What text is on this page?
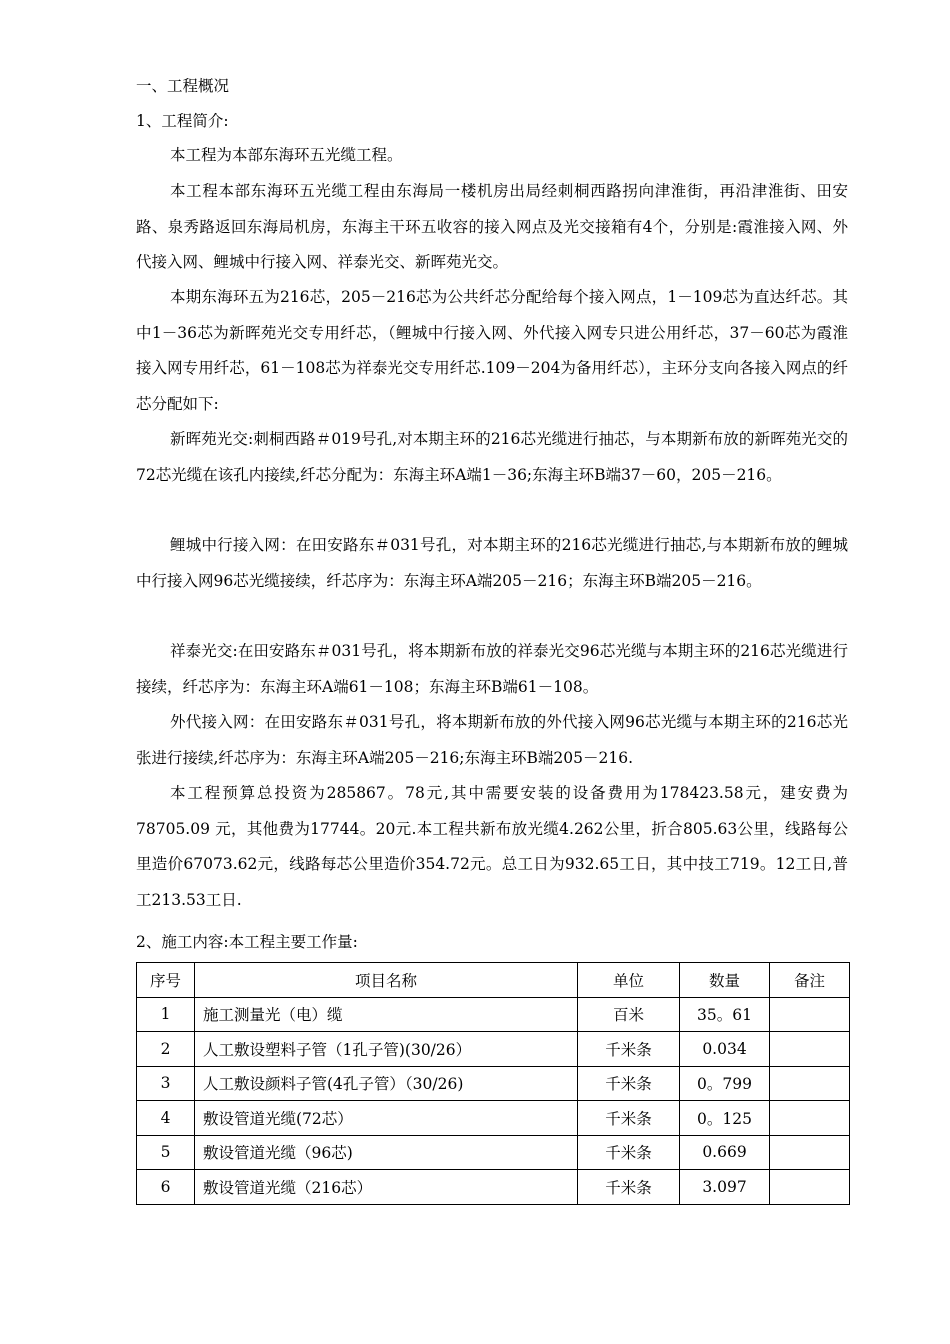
一、工程概况
1、工程简介:
本工程为本部东海环五光缆工程。
本工程本部东海环五光缆工程由东海局一楼机房出局经刺桐西路拐向津淮街，再沿津淮街、田安路、泉秀路返回东海局机房，东海主干环五收容的接入网点及光交接箱有4个，分别是:霞淮接入网、外代接入网、鲤城中行接入网、祥泰光交、新晖苑光交。
本期东海环五为216芯，205－216芯为公共纤芯分配给每个接入网点，1－109芯为直达纤芯。其中1－36芯为新晖苑光交专用纤芯，（鲤城中行接入网、外代接入网专只进公用纤芯，37－60芯为霞淮接入网专用纤芯，61－108芯为祥泰光交专用纤芯.109－204为备用纤芯），主环分支向各接入网点的纤芯分配如下:
新晖苑光交:刺桐西路＃019号孔,对本期主环的216芯光缆进行抽芯，与本期新布放的新晖苑光交的72芯光缆在该孔内接续,纤芯分配为：东海主环A端1－36;东海主环B端37－60，205－216。
鲤城中行接入网：在田安路东＃031号孔，对本期主环的216芯光缆进行抽芯,与本期新布放的鲤城中行接入网96芯光缆接续，纤芯序为：东海主环A端205－216；东海主环B端205－216。
祥泰光交:在田安路东＃031号孔，将本期新布放的祥泰光交96芯光缆与本期主环的216芯光缆进行接续，纤芯序为：东海主环A端61－108；东海主环B端61－108。
外代接入网：在田安路东＃031号孔，将本期新布放的外代接入网96芯光缆与本期主环的216芯光张进行接续,纤芯序为：东海主环A端205－216;东海主环B端205－216.
本工程预算总投资为285867。78元,其中需要安装的设备费用为178423.58元，建安费为78705.09 元，其他费为17744。20元.本工程共新布放光缆4.262公里，折合805.63公里，线路每公里造价67073.62元，线路每芯公里造价354.72元。总工日为932.65工日，其中技工719。12工日,普工213.53工日.
2、施工内容:本工程主要工作量:
序号	项目名称	单位	数量	备注
1	施工测量光（电）缆	百米	35。61	
2	人工敷设塑料子管（1孔子管)(30/26）	千米条	0.034	
3	人工敷设颜料子管(4孔子管）（30/26)	千米条	0。799	
4	敷设管道光缆(72芯）	千米条	0。125	
5	敷设管道光缆（96芯)	千米条	0.669	
6	敷设管道光缆（216芯）	千米条	3.097	
